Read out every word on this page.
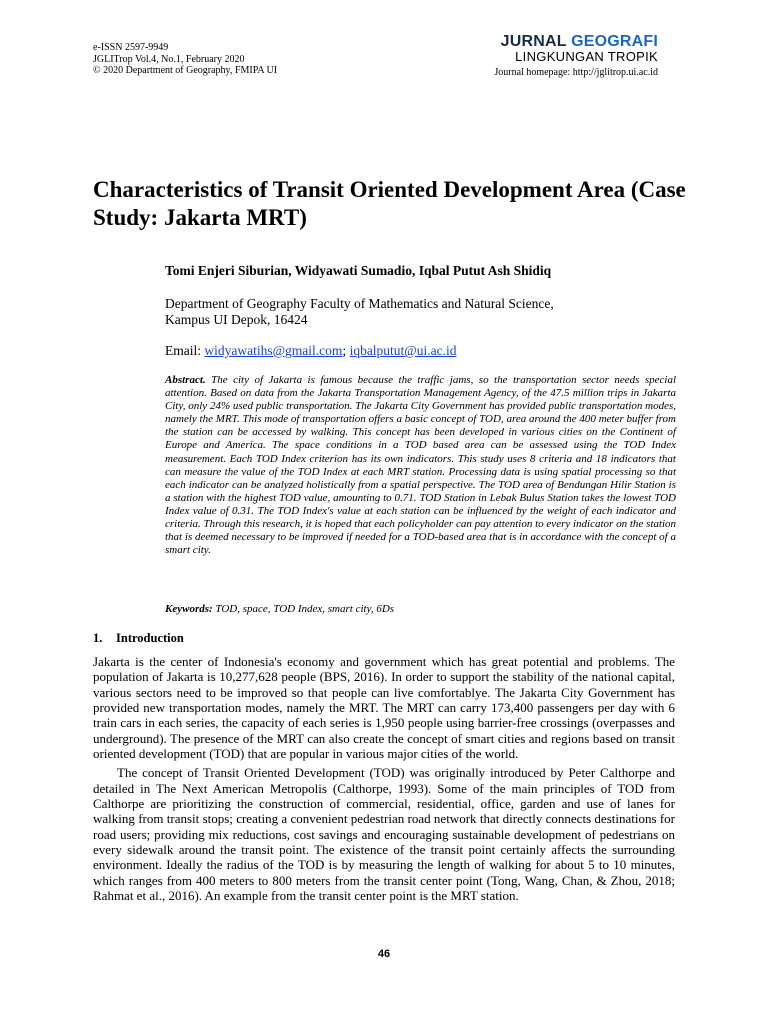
e-ISSN 2597-9949
JGLITrop Vol.4, No.1, February 2020
© 2020 Department of Geography, FMIPA UI
JURNAL GEOGRAFI
LINGKUNGAN TROPIK
Journal homepage: http://jglitrop.ui.ac.id
Characteristics of Transit Oriented Development Area (Case Study: Jakarta MRT)
Tomi Enjeri Siburian, Widyawati Sumadio, Iqbal Putut Ash Shidiq
Department of Geography Faculty of Mathematics and Natural Science,
Kampus UI Depok, 16424
Email: widyawatihs@gmail.com; iqbalputut@ui.ac.id

Abstract. The city of Jakarta is famous because the traffic jams, so the transportation sector needs special attention. Based on data from the Jakarta Transportation Management Agency, of the 47.5 million trips in Jakarta City, only 24% used public transportation. The Jakarta City Government has provided public transportation modes, namely the MRT. This mode of transportation offers a basic concept of TOD, area around the 400 meter buffer from the station can be accessed by walking. This concept has been developed in various cities on the Continent of Europe and America. The space conditions in a TOD based area can be assessed using the TOD Index measurement. Each TOD Index criterion has its own indicators. This study uses 8 criteria and 18 indicators that can measure the value of the TOD Index at each MRT station. Processing data is using spatial processing so that each indicator can be analyzed holistically from a spatial perspective. The TOD area of Bendungan Hilir Station is a station with the highest TOD value, amounting to 0.71. TOD Station in Lebak Bulus Station takes the lowest TOD Index value of 0.31. The TOD Index's value at each station can be influenced by the weight of each indicator and criteria. Through this research, it is hoped that each policyholder can pay attention to every indicator on the station that is deemed necessary to be improved if needed for a TOD-based area that is in accordance with the concept of a smart city.

Keywords: TOD, space, TOD Index, smart city, 6Ds
1. Introduction

Jakarta is the center of Indonesia's economy and government which has great potential and problems. The population of Jakarta is 10,277,628 people (BPS, 2016). In order to support the stability of the national capital, various sectors need to be improved so that people can live comfortablye. The Jakarta City Government has provided new transportation modes, namely the MRT. The MRT can carry 173,400 passengers per day with 6 train cars in each series, the capacity of each series is 1,950 people using barrier-free crossings (overpasses and underground). The presence of the MRT can also create the concept of smart cities and regions based on transit oriented development (TOD) that are popular in various major cities of the world.

The concept of Transit Oriented Development (TOD) was originally introduced by Peter Calthorpe and detailed in The Next American Metropolis (Calthorpe, 1993). Some of the main principles of TOD from Calthorpe are prioritizing the construction of commercial, residential, office, garden and use of lanes for walking from transit stops; creating a convenient pedestrian road network that directly connects destinations for road users; providing mix reductions, cost savings and encouraging sustainable development of pedestrians on every sidewalk around the transit point. The existence of the transit point certainly affects the surrounding environment. Ideally the radius of the TOD is by measuring the length of walking for about 5 to 10 minutes, which ranges from 400 meters to 800 meters from the transit center point (Tong, Wang, Chan, & Zhou, 2018; Rahmat et al., 2016). An example from the transit center point is the MRT station.

46
